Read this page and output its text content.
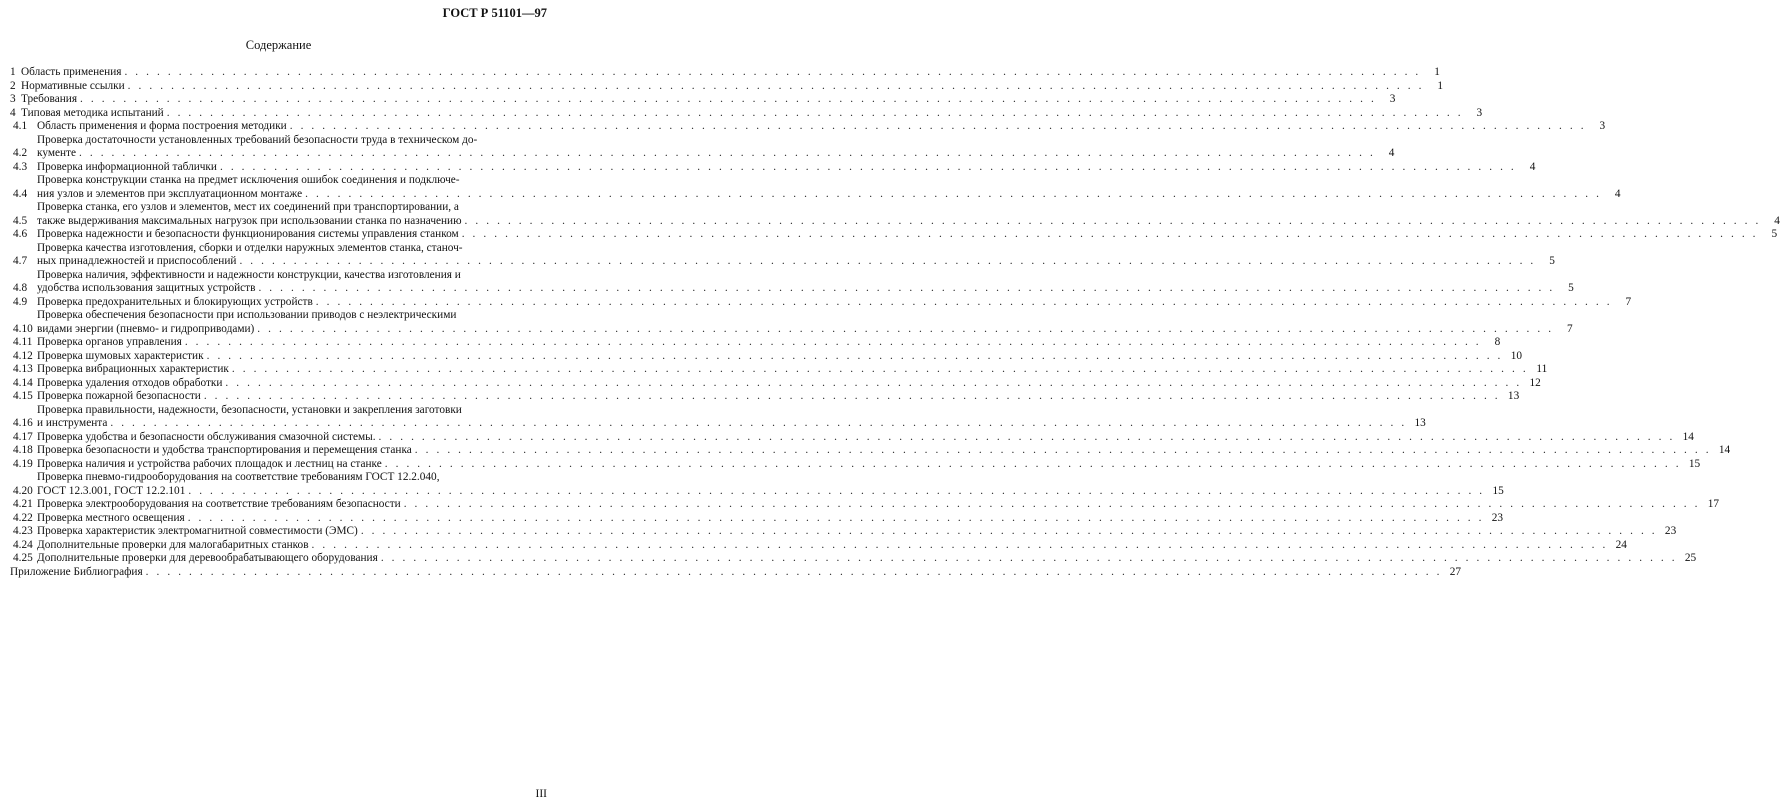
ГОСТ Р 51101—97
Содержание
1 Область применения . . . . . . . . . . . . . . . . . . . . . . . . . . . . . . . . . . . . . . . . . . . . . . . . . . . . . . . . . . . . . . . . . . . . . . . . . . . . . . . . . . . . . . . . . . . . . . . . . . . . . . . . . . . . . . . . . . . . . . . .	1
2 Нормативные ссылки . . . . . . . . . . . . . . . . . . . . . . . . . . . . . . . . . . . . . . . . . . . . . . . . . . . . . . . . . . . . . . . . . . . . . . . . . . . . . . . . . . . . . . . . . . . . . . . . . . . . . . . . . . . . . . . . . . . . . . . .	1
3 Требования . . . . . . . . . . . . . . . . . . . . . . . . . . . . . . . . . . . . . . . . . . . . . . . . . . . . . . . . . . . . . . . . . . . . . . . . . . . . . . . . . . . . . . . . . . . . . . . . . . . . . . . . . . . . . . . . . . . . . . . .	3
4 Типовая методика испытаний . . . . . . . . . . . . . . . . . . . . . . . . . . . . . . . . . . . . . . . . . . . . . . . . . . . . . . . . . . . . . . . . . . . . . . . . . . . . . . . . . . . . . . . . . . . . . . . . . . . . . . . . . . . . . . . . . . . . . . . .	3
4.1 Область применения и форма построения методики . . . . . . . . . . . . . . . . . . . . . . . . . . . . . . . . . . . . . . . . . . . . . . . . . . . . . . . . . . . . . . . . . . . . . . . . . . . . . . . . . . . . . . . . . . . . . . . . . . . . . . . . . . . . . . . . . . . . . . . .	3
4.2
Проверка достаточности установленных требований безопасности труда в техническом до-
кументе . . . . . . . . . . . . . . . . . . . . . . . . . . . . . . . . . . . . . . . . . . . . . . . . . . . . . . . . . . . . . . . . . . . . . . . . . . . . . . . . . . . . . . . . . . . . . . . . . . . . . . . . . . . . . . . . . . . . . . . .	4
4.3 Проверка информационной таблички . . . . . . . . . . . . . . . . . . . . . . . . . . . . . . . . . . . . . . . . . . . . . . . . . . . . . . . . . . . . . . . . . . . . . . . . . . . . . . . . . . . . . . . . . . . . . . . . . . . . . . . . . . . . . . . . . . . . . . . .	4
4.4
Проверка конструкции станка на предмет исключения ошибок соединения и подключе-
ния узлов и элементов при эксплуатационном монтаже . . . . . . . . . . . . . . . . . . . . . . . . . . . . . . . . . . . . . . . . . . . . . . . . . . . . . . . . . . . . . . . . . . . . . . . . . . . . . . . . . . . . . . . . . . . . . . . . . . . . . . . . . . . . . . . . . . . . . . . .	4
4.5
Проверка станка, его узлов и элементов, мест их соединений при транспортировании, а
также выдерживания максимальных нагрузок при использовании станка по назначению . . . . . . . . . . . . . . . . . . . . . . . . . . . . . . . . . . . . . . . . . . . . . . . . . . . . . . . . . . . . . . . . . . . . . . . . . . . . . . . . . . . . . . . . . . . . . . . . . . . . . . . . . . . . . . . . . . . . . . . .	4
4.6 Проверка надежности и безопасности функционирования системы управления станком . . . . . . . . . . . . . . . . . . . . . . . . . . . . . . . . . . . . . . . . . . . . . . . . . . . . . . . . . . . . . . . . . . . . . . . . . . . . . . . . . . . . . . . . . . . . . . . . . . . . . . . . . . . . . . . . . . . . . . . .	5
4.7
Проверка качества изготовления, сборки и отделки наружных элементов станка, станоч-
ных принадлежностей и приспособлений . . . . . . . . . . . . . . . . . . . . . . . . . . . . . . . . . . . . . . . . . . . . . . . . . . . . . . . . . . . . . . . . . . . . . . . . . . . . . . . . . . . . . . . . . . . . . . . . . . . . . . . . . . . . . . . . . . . . . . . .	5
4.8
Проверка наличия, эффективности и надежности конструкции, качества изготовления и
удобства использования защитных устройств . . . . . . . . . . . . . . . . . . . . . . . . . . . . . . . . . . . . . . . . . . . . . . . . . . . . . . . . . . . . . . . . . . . . . . . . . . . . . . . . . . . . . . . . . . . . . . . . . . . . . . . . . . . . . . . . . . . . . . . .	5
4.9 Проверка предохранительных и блокирующих устройств . . . . . . . . . . . . . . . . . . . . . . . . . . . . . . . . . . . . . . . . . . . . . . . . . . . . . . . . . . . . . . . . . . . . . . . . . . . . . . . . . . . . . . . . . . . . . . . . . . . . . . . . . . . . . . . . . . . . . . . .	7
4.10
Проверка обеспечения безопасности при использовании приводов с неэлектрическими
видами энергии (пневмо- и гидроприводами) . . . . . . . . . . . . . . . . . . . . . . . . . . . . . . . . . . . . . . . . . . . . . . . . . . . . . . . . . . . . . . . . . . . . . . . . . . . . . . . . . . . . . . . . . . . . . . . . . . . . . . . . . . . . . . . . . . . . . . . .	7
4.11 Проверка органов управления . . . . . . . . . . . . . . . . . . . . . . . . . . . . . . . . . . . . . . . . . . . . . . . . . . . . . . . . . . . . . . . . . . . . . . . . . . . . . . . . . . . . . . . . . . . . . . . . . . . . . . . . . . . . . . . . . . . . . . . .	8
4.12 Проверка шумовых характеристик . . . . . . . . . . . . . . . . . . . . . . . . . . . . . . . . . . . . . . . . . . . . . . . . . . . . . . . . . . . . . . . . . . . . . . . . . . . . . . . . . . . . . . . . . . . . . . . . . . . . . . . . . . . . . . . . . . . . . . . . 10
4.13 Проверка вибрационных характеристик . . . . . . . . . . . . . . . . . . . . . . . . . . . . . . . . . . . . . . . . . . . . . . . . . . . . . . . . . . . . . . . . . . . . . . . . . . . . . . . . . . . . . . . . . . . . . . . . . . . . . . . . . . . . . . . . . . . . . . . . 11
4.14 Проверка удаления отходов обработки . . . . . . . . . . . . . . . . . . . . . . . . . . . . . . . . . . . . . . . . . . . . . . . . . . . . . . . . . . . . . . . . . . . . . . . . . . . . . . . . . . . . . . . . . . . . . . . . . . . . . . . . . . . . . . . . . . . . . . . . 12
4.15 Проверка пожарной безопасности . . . . . . . . . . . . . . . . . . . . . . . . . . . . . . . . . . . . . . . . . . . . . . . . . . . . . . . . . . . . . . . . . . . . . . . . . . . . . . . . . . . . . . . . . . . . . . . . . . . . . . . . . . . . . . . . . . . . . . . . 13
4.16
Проверка правильности, надежности, безопасности, установки и закрепления заготовки
и инструмента . . . . . . . . . . . . . . . . . . . . . . . . . . . . . . . . . . . . . . . . . . . . . . . . . . . . . . . . . . . . . . . . . . . . . . . . . . . . . . . . . . . . . . . . . . . . . . . . . . . . . . . . . . . . . . . . . . . . . . . . 13
4.17 Проверка удобства и безопасности обслуживания смазочной системы. . . . . . . . . . . . . . . . . . . . . . . . . . . . . . . . . . . . . . . . . . . . . . . . . . . . . . . . . . . . . . . . . . . . . . . . . . . . . . . . . . . . . . . . . . . . . . . . . . . . . . . . . . . . . . . . . . . . . . . . . 14
4.18 Проверка безопасности и удобства транспортирования и перемещения станка . . . . . . . . . . . . . . . . . . . . . . . . . . . . . . . . . . . . . . . . . . . . . . . . . . . . . . . . . . . . . . . . . . . . . . . . . . . . . . . . . . . . . . . . . . . . . . . . . . . . . . . . . . . . . . . . . . . . . . . . 14
4.19 Проверка наличия и устройства рабочих площадок и лестниц на станке . . . . . . . . . . . . . . . . . . . . . . . . . . . . . . . . . . . . . . . . . . . . . . . . . . . . . . . . . . . . . . . . . . . . . . . . . . . . . . . . . . . . . . . . . . . . . . . . . . . . . . . . . . . . . . . . . . . . . . . . 15
4.20
Проверка пневмо-гидрооборудования на соответствие требованиям ГОСТ 12.2.040,
ГОСТ 12.3.001, ГОСТ 12.2.101 . . . . . . . . . . . . . . . . . . . . . . . . . . . . . . . . . . . . . . . . . . . . . . . . . . . . . . . . . . . . . . . . . . . . . . . . . . . . . . . . . . . . . . . . . . . . . . . . . . . . . . . . . . . . . . . . . . . . . . . . 15
4.21 Проверка электрооборудования на соответствие требованиям безопасности . . . . . . . . . . . . . . . . . . . . . . . . . . . . . . . . . . . . . . . . . . . . . . . . . . . . . . . . . . . . . . . . . . . . . . . . . . . . . . . . . . . . . . . . . . . . . . . . . . . . . . . . . . . . . . . . . . . . . . . . 17
4.22 Проверка местного освещения . . . . . . . . . . . . . . . . . . . . . . . . . . . . . . . . . . . . . . . . . . . . . . . . . . . . . . . . . . . . . . . . . . . . . . . . . . . . . . . . . . . . . . . . . . . . . . . . . . . . . . . . . . . . . . . . . . . . . . . . 23
4.23 Проверка характеристик электромагнитной совместимости (ЭМС) . . . . . . . . . . . . . . . . . . . . . . . . . . . . . . . . . . . . . . . . . . . . . . . . . . . . . . . . . . . . . . . . . . . . . . . . . . . . . . . . . . . . . . . . . . . . . . . . . . . . . . . . . . . . . . . . . . . . . . . . 23
4.24 Дополнительные проверки для малогабаритных станков . . . . . . . . . . . . . . . . . . . . . . . . . . . . . . . . . . . . . . . . . . . . . . . . . . . . . . . . . . . . . . . . . . . . . . . . . . . . . . . . . . . . . . . . . . . . . . . . . . . . . . . . . . . . . . . . . . . . . . . . 24
4.25 Дополнительные проверки для деревообрабатывающего оборудования . . . . . . . . . . . . . . . . . . . . . . . . . . . . . . . . . . . . . . . . . . . . . . . . . . . . . . . . . . . . . . . . . . . . . . . . . . . . . . . . . . . . . . . . . . . . . . . . . . . . . . . . . . . . . . . . . . . . . . . . 25
Приложение Библиография . . . . . . . . . . . . . . . . . . . . . . . . . . . . . . . . . . . . . . . . . . . . . . . . . . . . . . . . . . . . . . . . . . . . . . . . . . . . . . . . . . . . . . . . . . . . . . . . . . . . . . . . . . . . . . . . . . . . . . . . 27
III
